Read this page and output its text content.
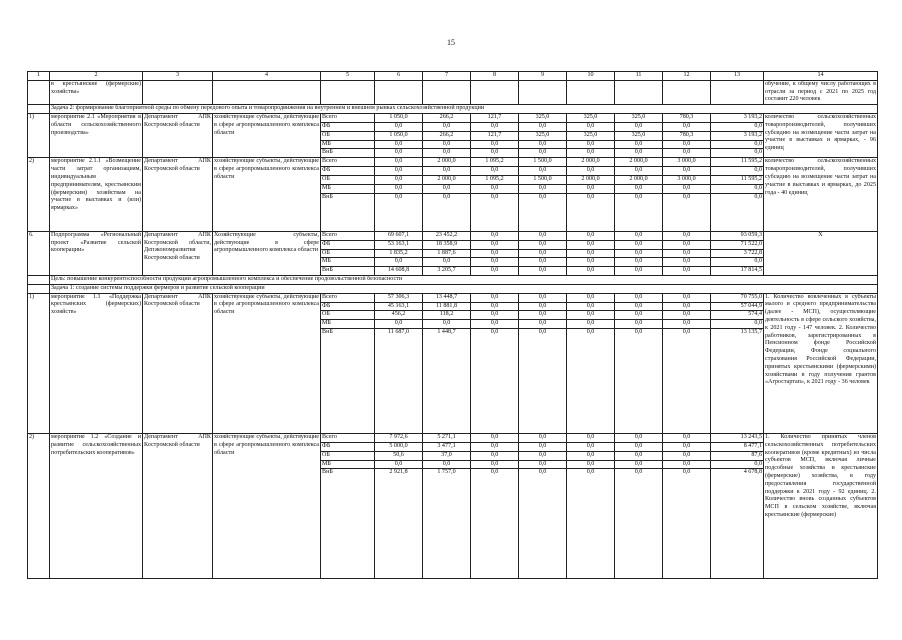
15
1	2	3	4	5	6	7	8	9	10	11	12	13	14
	в крестьянские (фермерские) хозяйства»												обучение, к общему числу работающих в отрасли за период с 2021 по 2025 год составит 220 человек
	Задача 2: формирование благоприятной среды по обмену передового опыта и товаропродвижения на внутреннем и внешнем рынках сельскохозяйственной продукции												
1)	мероприятие 2.1 «Мероприятия в области сельскохозяйственного производства»	Департамент АПК Костромской области	хозяйствующие субъекты, действующие в сфере агропромышленного комплекса области	Всего	1 050,0	266,2	121,7	325,0	325,0	325,0	780,3	3 193,2	количество сельскохозяйственных товаропроизводителей, получивших субсидию на возмещение части затрат на участие в выставках и ярмарках, - 96 единиц
				ФБ	0,0	0,0	0,0	0,0	0,0	0,0	0,0	0,0	
				ОБ	1 050,0	266,2	121,7	325,0	325,0	325,0	780,3	3 193,2	
				МБ	0,0	0,0	0,0	0,0	0,0	0,0	0,0	0,0	
				ВнБ	0,0	0,0	0,0	0,0	0,0	0,0	0,0	0,0	
2)	мероприятие 2.1.1 «Возмещение части затрат организациям, индивидуальным предпринимателям, крестьянским (фермерским) хозяйствам на участие в выставках и (или) ярмарках»	Департамент АПК Костромской области	хозяйствующие субъекты, действующие в сфере агропромышленного комплекса области	Всего	0,0	2 000,0	1 095,2	1 500,0	2 000,0	2 000,0	3 000,0	11 595,2	количество сельскохозяйственных товаропроизводителей, получивших субсидию на возмещение части затрат на участие в выставках и ярмарках, до 2025 года - 40 единиц
				ФБ	0,0	0,0	0,0	0,0	0,0	0,0	0,0	0,0	
				ОБ	0,0	2 000,0	1 095,2	1 500,0	2 000,0	2 000,0	3 000,0	11 595,2	
				МБ	0,0	0,0	0,0	0,0	0,0	0,0	0,0	0,0	
				ВнБ	0,0	0,0	0,0	0,0	0,0	0,0	0,0	0,0	
6.	Подпрограмма «Региональный проект «Развитие сельской кооперации»	Департамент АПК Костромской области, Депэкономразвития Костромской области	Хозяйствующие субъекты, действующие в сфере агропромышленного комплекса области	Всего	69 607,1	23 452,2	0,0	0,0	0,0	0,0	0,0	93 059,3	X
				ФБ	53 163,1	18 358,9	0,0	0,0	0,0	0,0	0,0	71 522,0	
				ОБ	1 835,2	1 887,6	0,0	0,0	0,0	0,0	0,0	3 722,8	
				МБ	0,0	0,0	0,0	0,0	0,0	0,0	0,0	0,0	
				ВнБ	14 608,8	3 205,7	0,0	0,0	0,0	0,0	0,0	17 814,5	
	Цель: повышение конкурентоспособности продукции агропромышленного комплекса и обеспечение продовольственной безопасности												
	Задача 1: создание системы поддержки фермеров и развитие сельской кооперации												
1)	мероприятие 1.1 «Поддержка крестьянских (фермерских) хозяйств»	Департамент АПК Костромской области	хозяйствующие субъекты, действующие в сфере агропромышленного комплекса области	Всего	57 306,3	13 448,7	0,0	0,0	0,0	0,0	0,0	70 755,0	1. Количество вовлеченных в субъекты малого и среднего предпринимательства (далее - МСП), осуществляющие деятельность в сфере сельского хозяйства, к 2021 году - 147 человек. 2. Количество работников, зарегистрированных в Пенсионном фонде Российской Федерации, Фонде социального страхования Российской Федерации, принятых крестьянскими (фермерскими) хозяйствами в году получения грантов «Агростартап», к 2021 году - 36 человек
				ФБ	45 163,1	11 881,8	0,0	0,0	0,0	0,0	0,0	57 044,9	
				ОБ	456,2	118,2	0,0	0,0	0,0	0,0	0,0	574,4	
				МБ	0,0	0,0	0,0	0,0	0,0	0,0	0,0	0,0	
				ВнБ	11 687,0	1 448,7	0,0	0,0	0,0	0,0	0,0	13 135,7	
2)	мероприятие 1.2 «Создание и развитие сельскохозяйственных потребительских кооперативов»	Департамент АПК Костромской области	хозяйствующие субъекты, действующие в сфере агропромышленного комплекса области	Всего	7 972,6	5 271,1	0,0	0,0	0,0	0,0	0,0	13 243,5	1. Количество принятых членов сельскохозяйственных потребительских кооперативов (кроме кредитных) из числа субъектов МСП, включая личные подсобные хозяйства и крестьянские (фермерские) хозяйства, в году предоставления государственной поддержки к 2021 году - 92 единиц. 2. Количество вновь созданных субъектов МСП в сельском хозяйстве, включая крестьянские (фермерские)
				ФБ	5 000,0	3 477,1	0,0	0,0	0,0	0,0	0,0	8 477,1	
				ОБ	50,6	37,0	0,0	0,0	0,0	0,0	0,0	87,6	
				МБ	0,0	0,0	0,0	0,0	0,0	0,0	0,0	0,0	
				ВнБ	2 921,8	1 757,0	0,0	0,0	0,0	0,0	0,0	4 678,8	
